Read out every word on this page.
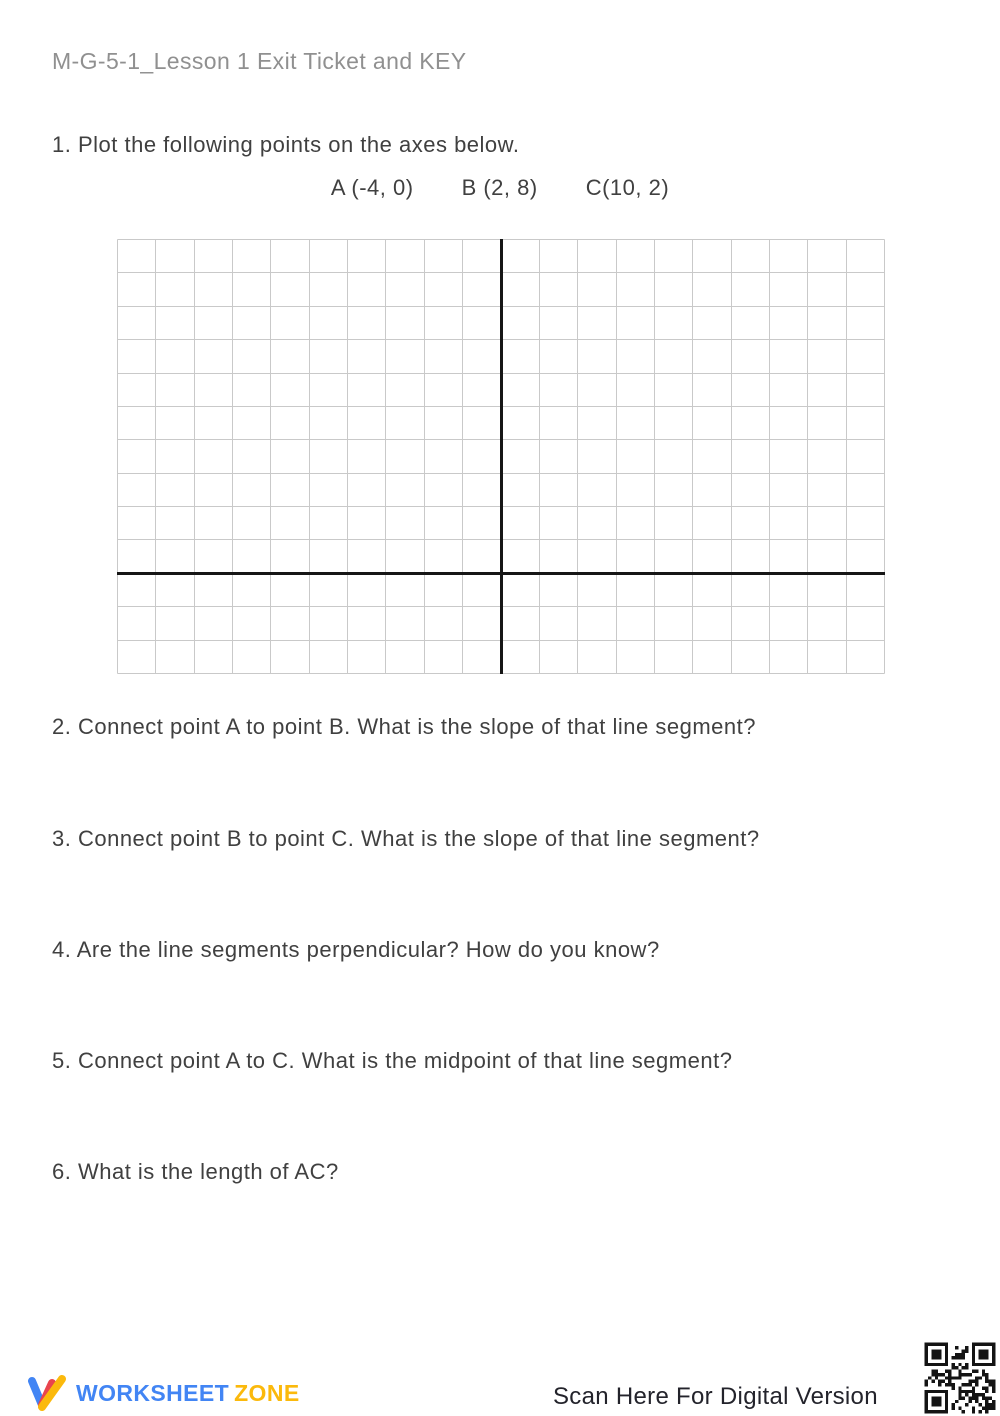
M-G-5-1_Lesson 1 Exit Ticket and KEY
1. Plot the following points on the axes below.
A (-4, 0) B (2, 8) C(10, 2)
2. Connect point A to point B. What is the slope of that line segment?
3. Connect point B to point C. What is the slope of that line segment?
4. Are the line segments perpendicular? How do you know?
5. Connect point A to C. What is the midpoint of that line segment?
6. What is the length of AC?
WORKSHEET ZONE	Scan Here For Digital Version
